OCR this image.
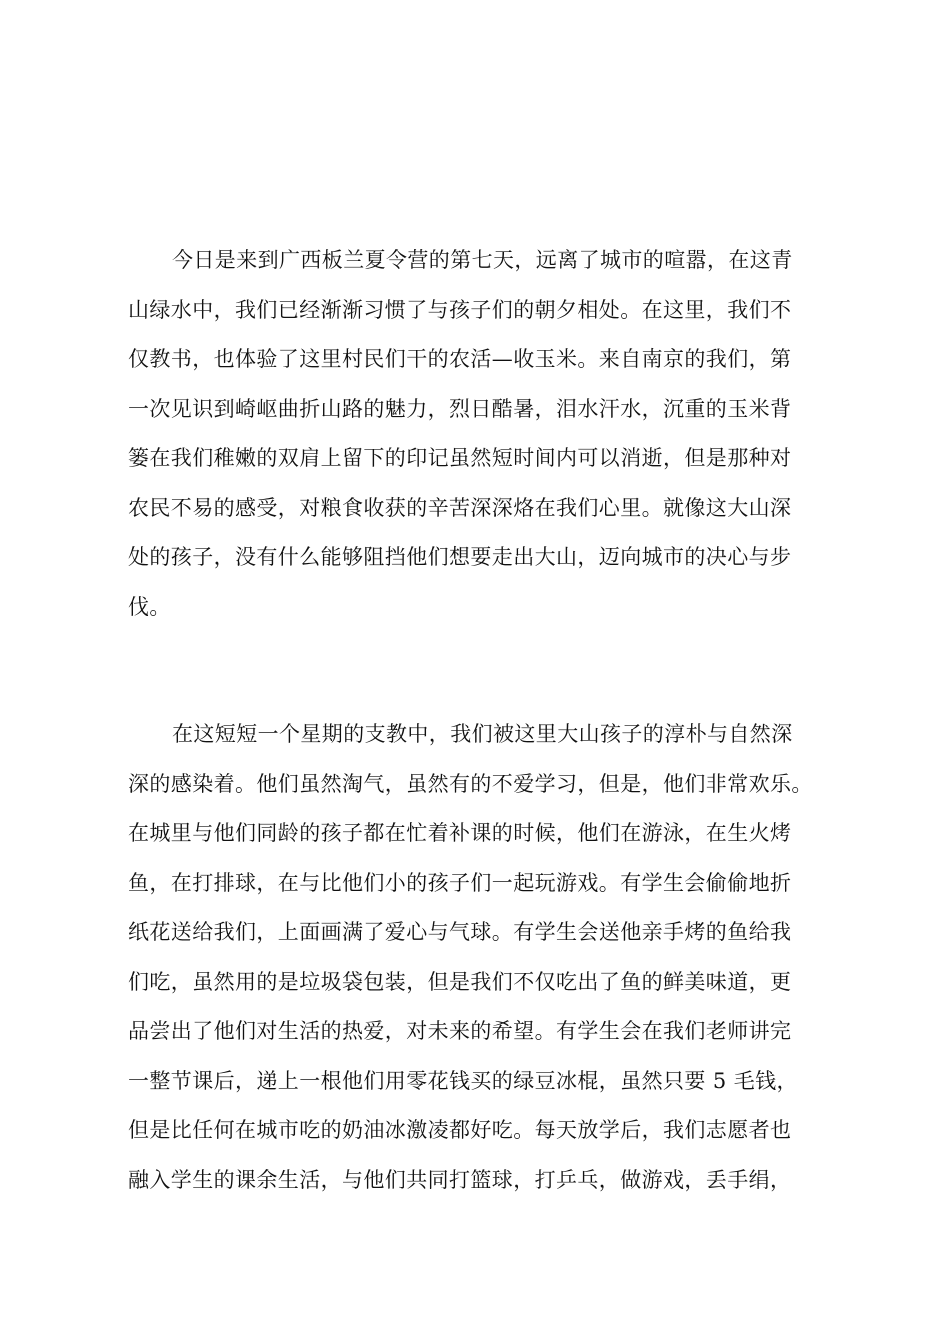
今日是来到广西板兰夏令营的第七天，远离了城市的喧嚣，在这青
山绿水中，我们已经渐渐习惯了与孩子们的朝夕相处。在这里，我们不
仅教书，也体验了这里村民们干的农活—收玉米。来自南京的我们，第
一次见识到崎岖曲折山路的魅力，烈日酷暑，泪水汗水，沉重的玉米背
篓在我们稚嫩的双肩上留下的印记虽然短时间内可以消逝，但是那种对
农民不易的感受，对粮食收获的辛苦深深烙在我们心里。就像这大山深
处的孩子，没有什么能够阻挡他们想要走出大山，迈向城市的决心与步
伐。
在这短短一个星期的支教中，我们被这里大山孩子的淳朴与自然深
深的感染着。他们虽然淘气，虽然有的不爱学习，但是，他们非常欢乐。
在城里与他们同龄的孩子都在忙着补课的时候，他们在游泳，在生火烤
鱼，在打排球，在与比他们小的孩子们一起玩游戏。有学生会偷偷地折
纸花送给我们，上面画满了爱心与气球。有学生会送他亲手烤的鱼给我
们吃，虽然用的是垃圾袋包装，但是我们不仅吃出了鱼的鲜美味道，更
品尝出了他们对生活的热爱，对未来的希望。有学生会在我们老师讲完
一整节课后，递上一根他们用零花钱买的绿豆冰棍，虽然只要 5 毛钱，
但是比任何在城市吃的奶油冰激凌都好吃。每天放学后，我们志愿者也
融入学生的课余生活，与他们共同打篮球，打乒乓，做游戏，丢手绢，
